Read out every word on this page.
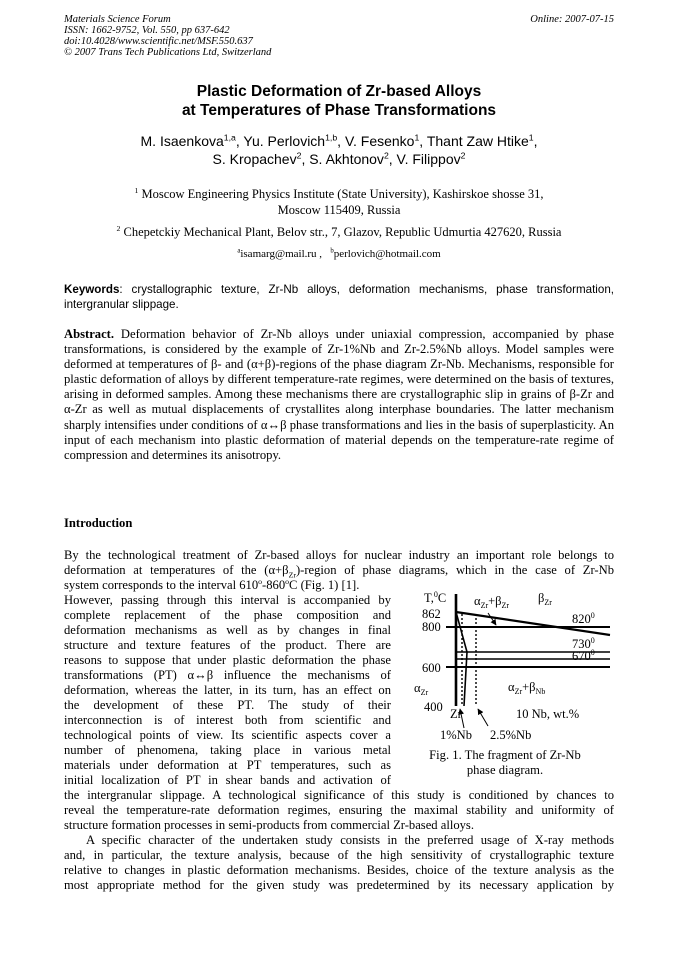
Materials Science Forum
ISSN: 1662-9752, Vol. 550, pp 637-642
doi:10.4028/www.scientific.net/MSF.550.637
© 2007 Trans Tech Publications Ltd, Switzerland
Online: 2007-07-15
Plastic Deformation of Zr-based Alloys
at Temperatures of Phase Transformations
M. Isaenkova$^{1,a}$, Yu. Perlovich$^{1,b}$, V. Fesenko$^1$, Thant Zaw Htike$^1$,
S. Kropachev$^2$, S. Akhtonov$^2$, V. Filippov$^2$
$^1$ Moscow Engineering Physics Institute (State University), Kashirskoe shosse 31,
Moscow 115409, Russia
$^2$ Chepetckiy Mechanical Plant, Belov str., 7, Glazov, Republic Udmurtia 427620, Russia
$^a$isamarg@mail.ru , $^b$perlovich@hotmail.com
Keywords: crystallographic texture, Zr-Nb alloys, deformation mechanisms, phase transformation, intergranular slippage.
Abstract. Deformation behavior of Zr-Nb alloys under uniaxial compression, accompanied by phase transformations, is considered by the example of Zr-1%Nb and Zr-2.5%Nb alloys. Model samples were deformed at temperatures of β- and (α+β)-regions of the phase diagram Zr-Nb. Mechanisms, responsible for plastic deformation of alloys by different temperature-rate regimes, were determined on the basis of textures, arising in deformed samples. Among these mechanisms there are crystallographic slip in grains of β-Zr and α-Zr as well as mutual displacements of crystallites along interphase boundaries. The latter mechanism sharply intensifies under conditions of α↔β phase transformations and lies in the basis of superplasticity. An input of each mechanism into plastic deformation of material depends on the temperature-rate regime of compression and determines its anisotropy.
Introduction
By the technological treatment of Zr-based alloys for nuclear industry an important role belongs to
deformation at temperatures of the $(\alpha+\beta_{Zr})$-region of phase diagrams, which in the case of Zr-Nb
system corresponds to the interval 610$^o$-860$^o$C (Fig. 1) [1].
However, passing through this interval is accompanied by
complete replacement of the phase composition and
deformation mechanisms as well as by changes in final
structure and texture features of the product. There are
reasons to suppose that under plastic deformation the phase
transformations (PT) α↔β influence the mechanisms of
deformation, whereas the latter, in its turn, has an effect on
the development of these PT. The study of their
interconnection is of interest both from scientific and
technological points of view. Its scientific aspects cover a
number of phenomena, taking place in various metal
materials under deformation at PT temperatures, such as
initial localization of PT in shear bands and activation of
the intergranular slippage. A technological significance of this study is conditioned by chances to
reveal the temperature-rate deformation regimes, ensuring the maximal stability and uniformity of
structure formation processes in semi-products from commercial Zr-based alloys.
A specific character of the undertaken study consists in the preferred usage of X-ray methods
and, in particular, the texture analysis, because of the high sensitivity of crystallographic texture
relative to changes in plastic deformation mechanisms. Besides, choice of the texture analysis as the
most appropriate method for the given study was predetermined by its necessary application by
T,$^0$C
862
800
600
400
$\alpha_{Zr}$
$\alpha_{Zr}+\beta_{Zr}$
$\beta_{Zr}$
$\alpha_{Zr}+\beta_{Nb}$
$820^0$
$730^0$
$670^0$
Zr	10 Nb, wt.%
1%Nb 2.5%Nb
Fig. 1. The fragment of Zr-Nb
phase diagram.
